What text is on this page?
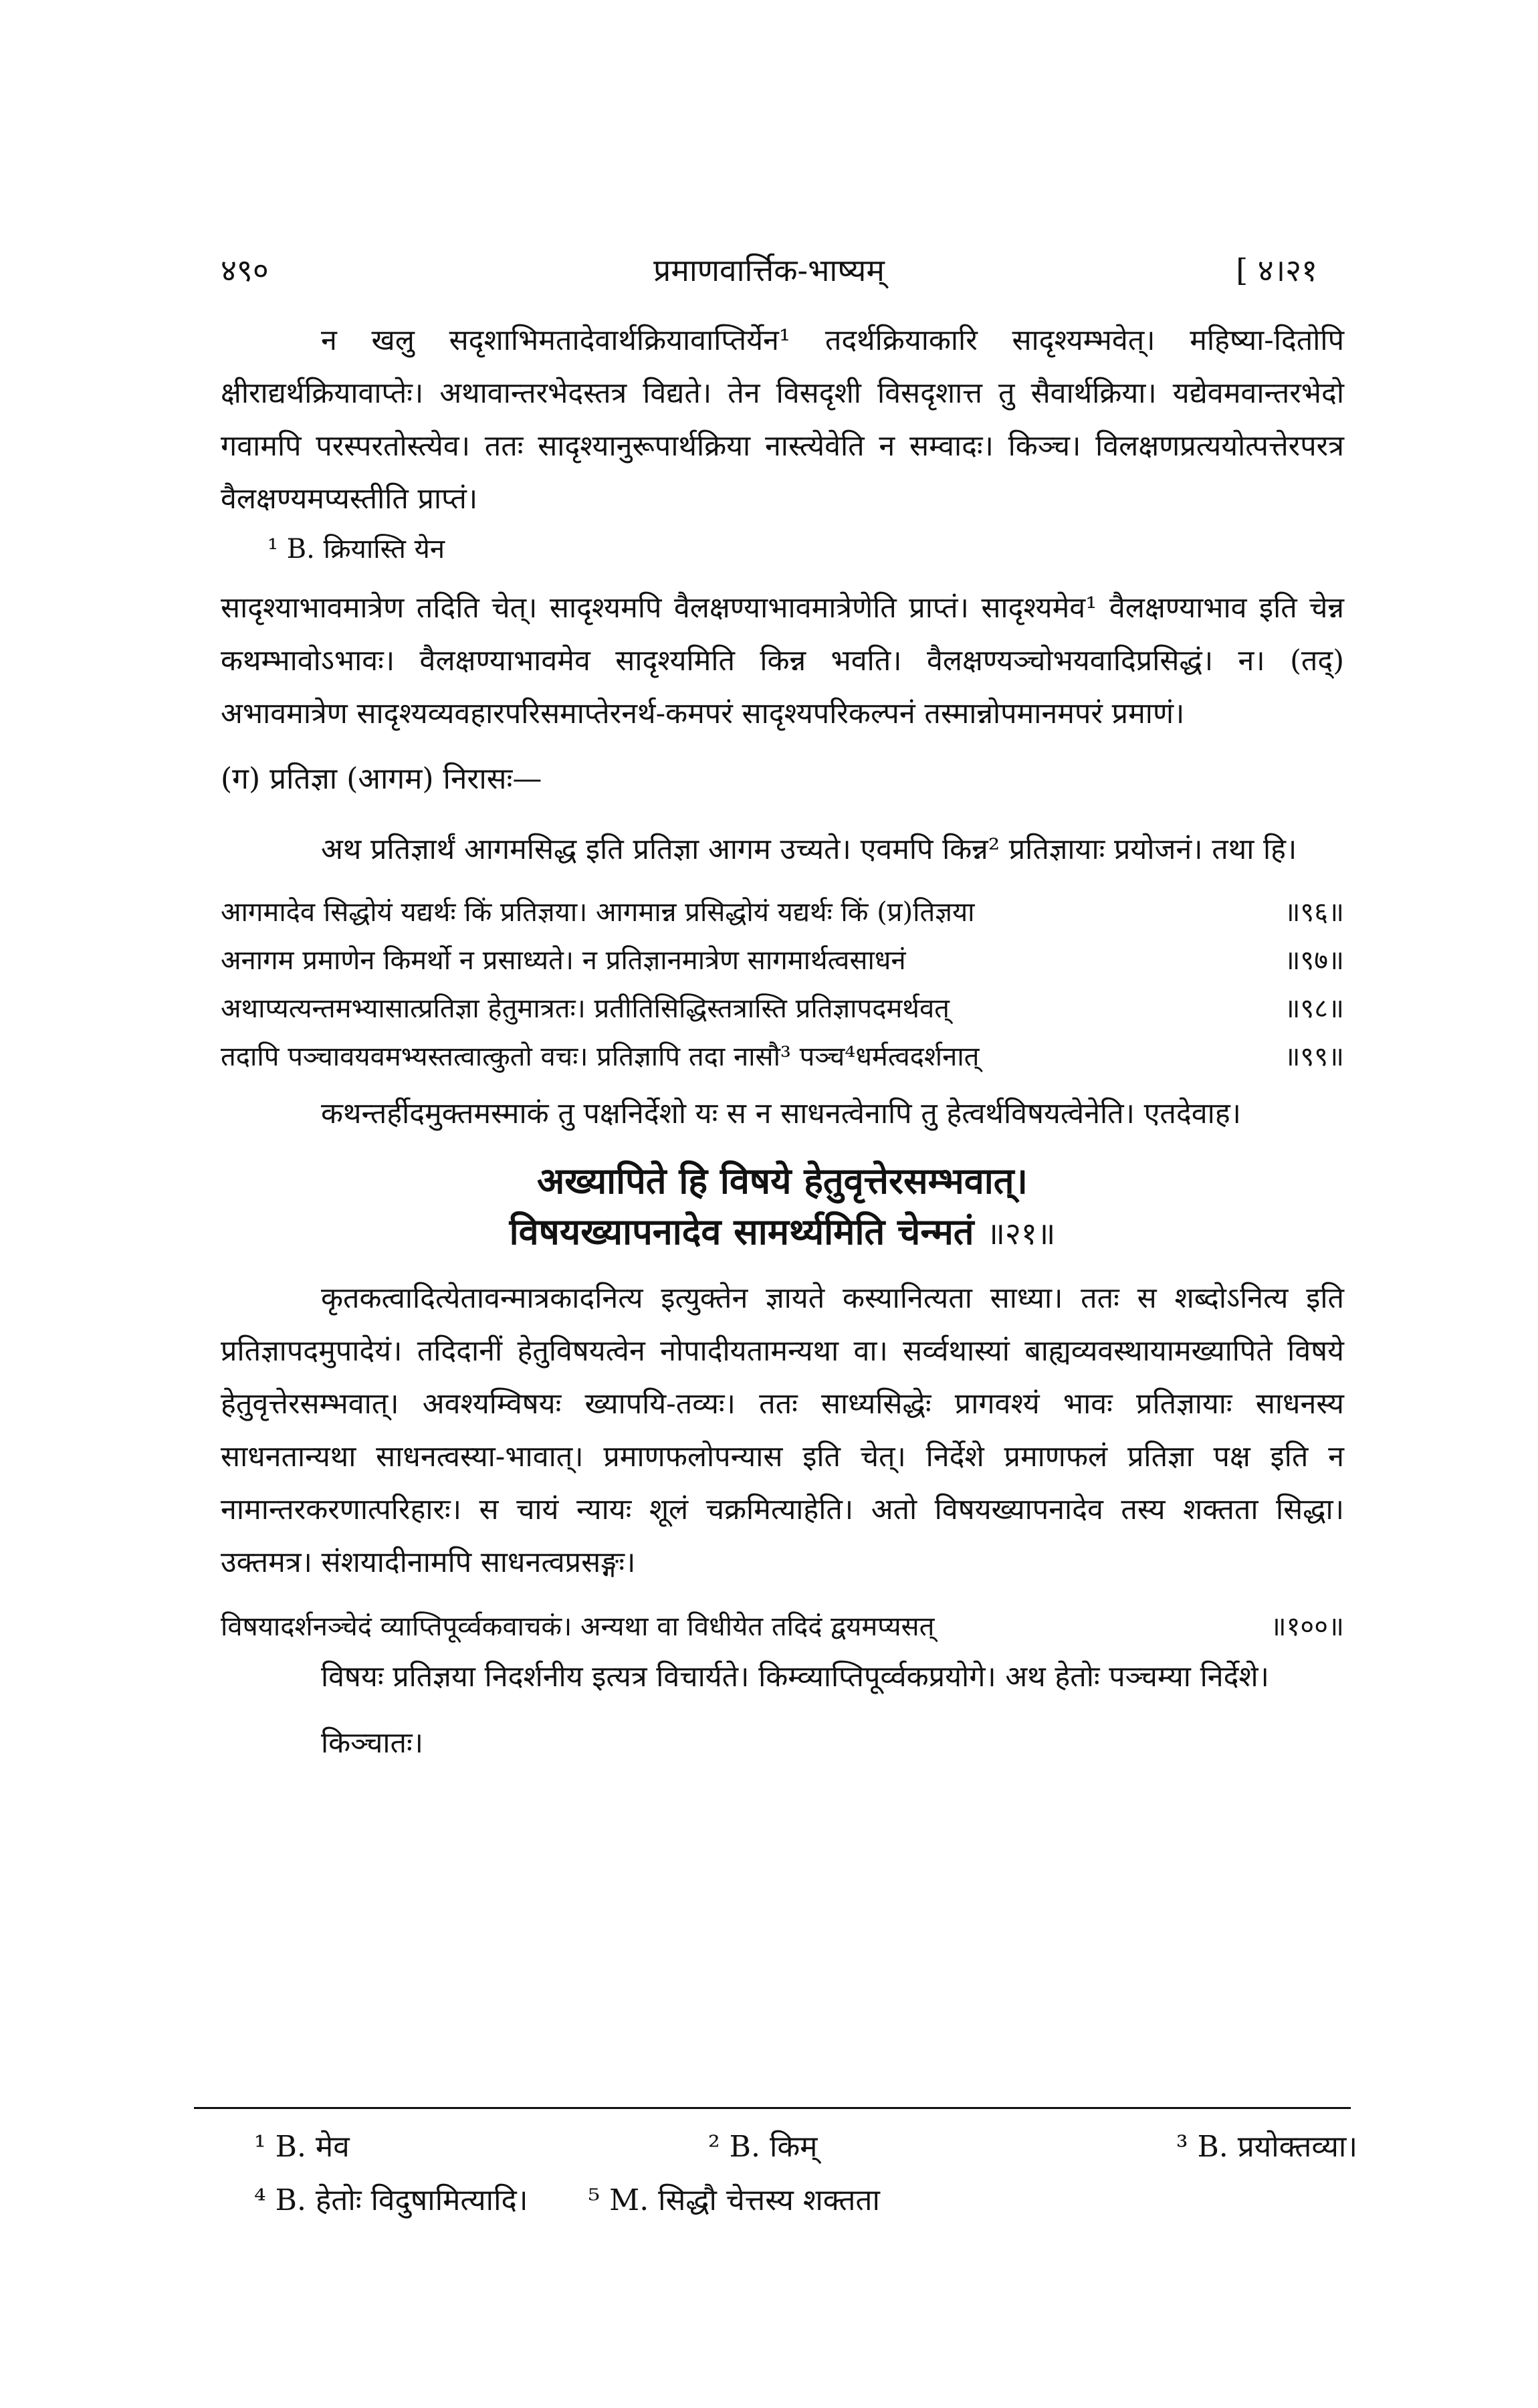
४९०	प्रमाणवार्त्तिक-भाष्यम्	[ ४।२१

न खलु सदृशाभिमतादेवार्थक्रियावाप्तिर्येन¹ तदर्थक्रियाकारि सादृश्यम्भवेत्। महिष्या-दितोपि क्षीराद्यर्थक्रियावाप्तेः। अथावान्तरभेदस्तत्र विद्यते। तेन विसदृशी विसदृशात्त तु सैवार्थक्रिया। यद्येवमवान्तरभेदो गवामपि परस्परतोस्त्येव। ततः सादृश्यानुरूपार्थक्रिया नास्त्येवेति न सम्वादः। किञ्च। विलक्षणप्रत्ययोत्पत्तेरपरत्र वैलक्षण्यमप्यस्तीति प्राप्तं।

¹ B. क्रियास्ति येन

सादृश्याभावमात्रेण तदिति चेत्। सादृश्यमपि वैलक्षण्याभावमात्रेणेति प्राप्तं। सादृश्यमेव¹ वैलक्षण्याभाव इति चेन्न कथम्भावोऽभावः। वैलक्षण्याभावमेव सादृश्यमिति किन्न भवति। वैलक्षण्यञ्चोभयवादिप्रसिद्धं। न। (तद्) अभावमात्रेण सादृश्यव्यवहारपरिसमाप्तेरनर्थ-कमपरं सादृश्यपरिकल्पनं तस्मान्नोपमानमपरं प्रमाणं।

(ग) प्रतिज्ञा (आगम) निरासः—

अथ प्रतिज्ञार्थं आगमसिद्ध इति प्रतिज्ञा आगम उच्यते। एवमपि किन्न² प्रतिज्ञायाः प्रयोजनं। तथा हि।

आगमादेव सिद्धोयं यद्यर्थः किं प्रतिज्ञया। आगमान्न प्रसिद्धोयं यद्यर्थः किं (प्र)तिज्ञया	॥९६॥
अनागम प्रमाणेन किमर्थो न प्रसाध्यते। न प्रतिज्ञानमात्रेण सागमार्थत्वसाधनं	॥९७॥
अथाप्यत्यन्तमभ्यासात्प्रतिज्ञा हेतुमात्रतः। प्रतीतिसिद्धिस्तत्रास्ति प्रतिज्ञापदमर्थवत्	॥९८॥
तदापि पञ्चावयवमभ्यस्तत्वात्कुतो वचः। प्रतिज्ञापि तदा नासौ³ पञ्च⁴धर्मत्वदर्शनात्	॥९९॥

कथन्तर्हीदमुक्तमस्माकं तु पक्षनिर्देशो यः स न साधनत्वेनापि तु हेत्वर्थविषयत्वेनेति। एतदेवाह।

अख्यापिते हि विषये हेतुवृत्तेरसम्भवात्।
विषयख्यापनादेव सामर्थ्यमिति चेन्मतं ॥२१॥

कृतकत्वादित्येतावन्मात्रकादनित्य इत्युक्तेन ज्ञायते कस्यानित्यता साध्या। ततः स शब्दोऽनित्य इति प्रतिज्ञापदमुपादेयं। तदिदानीं हेतुविषयत्वेन नोपादीयतामन्यथा वा। सर्व्वथास्यां बाह्यव्यवस्थायामख्यापिते विषये हेतुवृत्तेरसम्भवात्। अवश्यम्विषयः ख्यापयि-तव्यः। ततः साध्यसिद्धेः प्रागवश्यं भावः प्रतिज्ञायाः साधनस्य साधनतान्यथा साधनत्वस्या-भावात्। प्रमाणफलोपन्यास इति चेत्। निर्देशे प्रमाणफलं प्रतिज्ञा पक्ष इति न नामान्तरकरणात्परिहारः। स चायं न्यायः शूलं चक्रमित्याहेति। अतो विषयख्यापनादेव तस्य शक्तता सिद्धा। उक्तमत्र। संशयादीनामपि साधनत्वप्रसङ्गः।

विषयादर्शनञ्चेदं व्याप्तिपूर्व्वकवाचकं। अन्यथा वा विधीयेत तदिदं द्वयमप्यसत्	॥१००॥

विषयः प्रतिज्ञया निदर्शनीय इत्यत्र विचार्यते। किम्व्याप्तिपूर्व्वकप्रयोगे। अथ हेतोः पञ्चम्या निर्देशे।

किञ्चातः।

¹ B. मेव	² B. किम्	³ B. प्रयोक्तव्या।
⁴ B. हेतोः विदुषामित्यादि। ⁵ M. सिद्धौ चेत्तस्य शक्तता
